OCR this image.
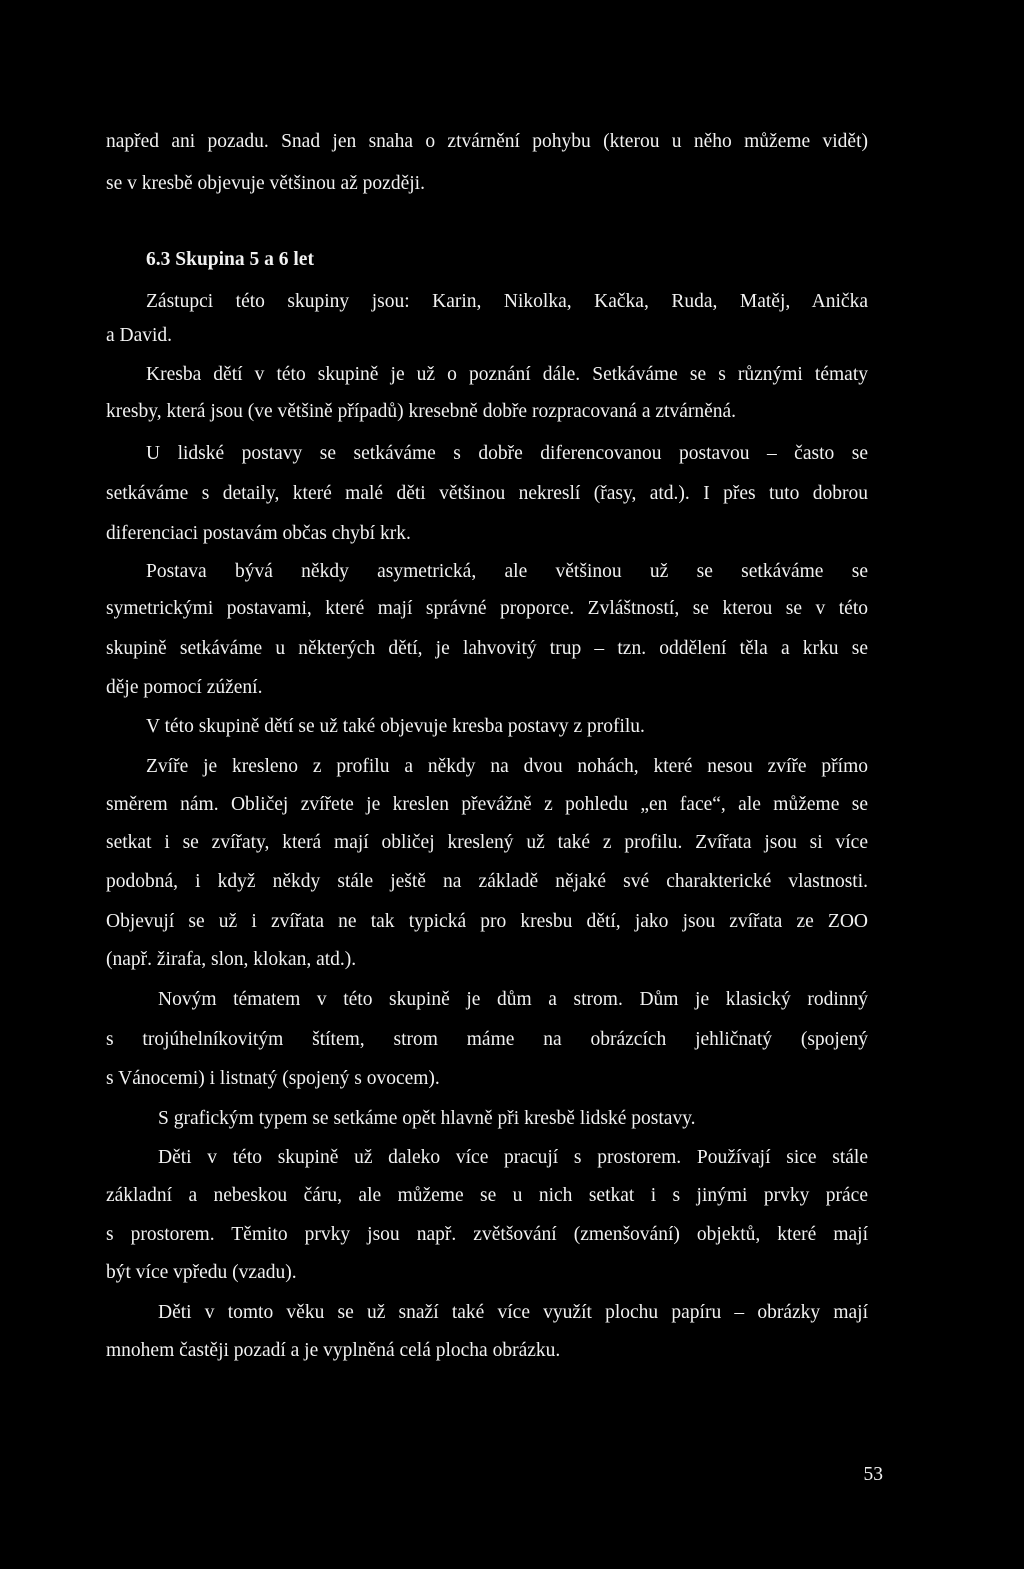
napřed ani pozadu. Snad jen snaha o ztvárnění pohybu (kterou u něho můžeme vidět)
se v kresbě objevuje většinou až později.
6.3 Skupina 5 a 6 let
Zástupci této skupiny jsou: Karin, Nikolka, Kačka, Ruda, Matěj, Anička
a David.
Kresba dětí v této skupině je už o poznání dále. Setkáváme se s různými tématy
kresby, která jsou (ve většině případů) kresebně dobře rozpracovaná a ztvárněná.
U lidské postavy se setkáváme s dobře diferencovanou postavou – často se
setkáváme s detaily, které malé děti většinou nekreslí (řasy, atd.). I přes tuto dobrou
diferenciaci postavám občas chybí krk.
Postava bývá někdy asymetrická, ale většinou už se setkáváme se
symetrickými postavami, které mají správné proporce. Zvláštností, se kterou se v této
skupině setkáváme u některých dětí, je lahvovitý trup – tzn. oddělení těla a krku se
děje pomocí zúžení.
V této skupině dětí se už také objevuje kresba postavy z profilu.
Zvíře je kresleno z profilu a někdy na dvou nohách, které nesou zvíře přímo
směrem nám. Obličej zvířete je kreslen převážně z pohledu „en face“, ale můžeme se
setkat i se zvířaty, která mají obličej kreslený už také z profilu. Zvířata jsou si více
podobná, i když někdy stále ještě na základě nějaké své charakterické vlastnosti.
Objevují se už i zvířata ne tak typická pro kresbu dětí, jako jsou zvířata ze ZOO
(např. žirafa, slon, klokan, atd.).
Novým tématem v této skupině je dům a strom. Dům je klasický rodinný
s trojúhelníkovitým štítem, strom máme na obrázcích jehličnatý (spojený
s Vánocemi) i listnatý (spojený s ovocem).
S grafickým typem se setkáme opět hlavně při kresbě lidské postavy.
Děti v této skupině už daleko více pracují s prostorem. Používají sice stále
základní a nebeskou čáru, ale můžeme se u nich setkat i s jinými prvky práce
s prostorem. Těmito prvky jsou např. zvětšování (zmenšování) objektů, které mají
být více vpředu (vzadu).
Děti v tomto věku se už snaží také více využít plochu papíru – obrázky mají
mnohem častěji pozadí a je vyplněná celá plocha obrázku.
53
